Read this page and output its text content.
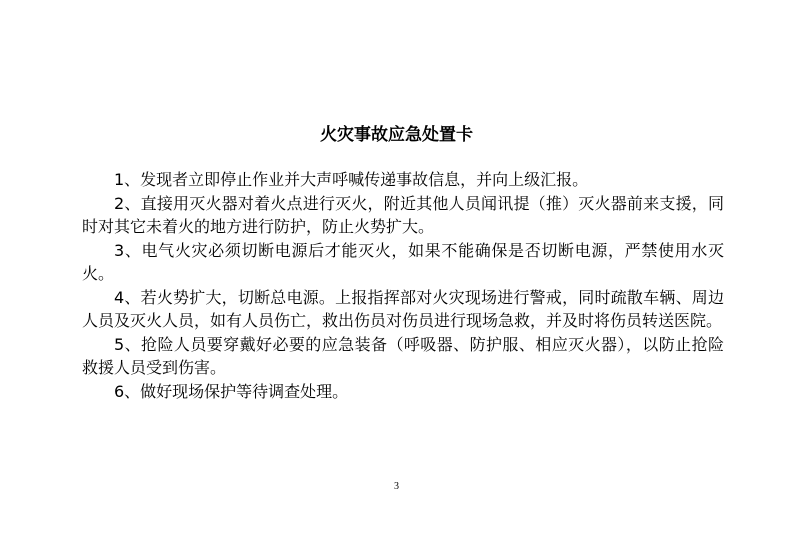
火灾事故应急处置卡

1、发现者立即停止作业并大声呼喊传递事故信息，并向上级汇报。

2、直接用灭火器对着火点进行灭火，附近其他人员闻讯提（推）灭火器前来支援，同时对其它未着火的地方进行防护，防止火势扩大。

3、电气火灾必须切断电源后才能灭火，如果不能确保是否切断电源，严禁使用水灭火。

4、若火势扩大，切断总电源。上报指挥部对火灾现场进行警戒，同时疏散车辆、周边人员及灭火人员，如有人员伤亡，救出伤员对伤员进行现场急救，并及时将伤员转送医院。

5、抢险人员要穿戴好必要的应急装备（呼吸器、防护服、相应灭火器），以防止抢险救援人员受到伤害。

6、做好现场保护等待调查处理。

3
